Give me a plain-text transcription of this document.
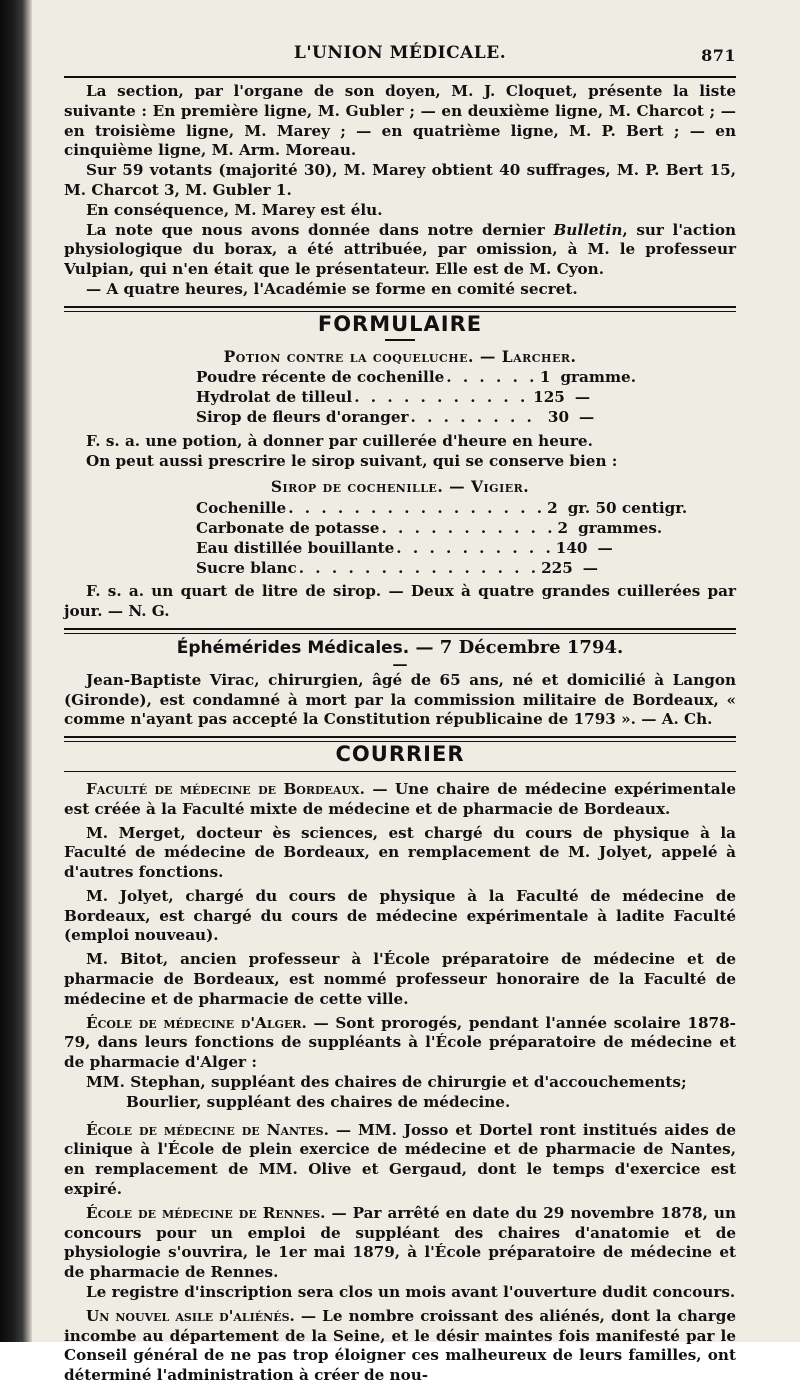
L'UNION MÉDICALE.	871

La section, par l'organe de son doyen, M. J. Cloquet, présente la liste suivante : En première ligne, M. Gubler ; — en deuxième ligne, M. Charcot ; — en troisième ligne, M. Marey ; — en quatrième ligne, M. P. Bert ; — en cinquième ligne, M. Arm. Moreau.

Sur 59 votants (majorité 30), M. Marey obtient 40 suffrages, M. P. Bert 15, M. Charcot 3, M. Gubler 1.

En conséquence, M. Marey est élu.

La note que nous avons donnée dans notre dernier Bulletin, sur l'action physiologique du borax, a été attribuée, par omission, à M. le professeur Vulpian, qui n'en était que le présentateur. Elle est de M. Cyon.

— A quatre heures, l'Académie se forme en comité secret.

FORMULAIRE
Potion contre la coqueluche. — Larcher.
Poudre récente de cochenille . . . . . . 1 gramme.
Hydrolat de tilleul . . . . . . . . . . . 125 —
Sirop de fleurs d'oranger . . . . . . . . 30 —

F. s. a. une potion, à donner par cuillerée d'heure en heure.

On peut aussi prescrire le sirop suivant, qui se conserve bien :

Sirop de cochenille. — Vigier.
Cochenille . . . . . . . . . . . . . . . . 2 gr. 50 centigr.
Carbonate de potasse . . . . . . . . . . . 2 grammes.
Eau distillée bouillante . . . . . . . . . . 140 —
Sucre blanc . . . . . . . . . . . . . . . 225 —

F. s. a. un quart de litre de sirop. — Deux à quatre grandes cuillerées par jour. — N. G.

Éphémérides Médicales. — 7 Décembre 1794.
—

Jean-Baptiste Virac, chirurgien, âgé de 65 ans, né et domicilié à Langon (Gironde), est condamné à mort par la commission militaire de Bordeaux, « comme n'ayant pas accepté la Constitution républicaine de 1793 ». — A. Ch.

COURRIER

Faculté de médecine de Bordeaux. — Une chaire de médecine expérimentale est créée à la Faculté mixte de médecine et de pharmacie de Bordeaux.

M. Merget, docteur ès sciences, est chargé du cours de physique à la Faculté de médecine de Bordeaux, en remplacement de M. Jolyet, appelé à d'autres fonctions.

M. Jolyet, chargé du cours de physique à la Faculté de médecine de Bordeaux, est chargé du cours de médecine expérimentale à ladite Faculté (emploi nouveau).

M. Bitot, ancien professeur à l'École préparatoire de médecine et de pharmacie de Bordeaux, est nommé professeur honoraire de la Faculté de médecine et de pharmacie de cette ville.

École de médecine d'Alger. — Sont prorogés, pendant l'année scolaire 1878-79, dans leurs fonctions de suppléants à l'École préparatoire de médecine et de pharmacie d'Alger :

MM. Stephan, suppléant des chaires de chirurgie et d'accouchements;

Bourlier, suppléant des chaires de médecine.

École de médecine de Nantes. — MM. Josso et Dortel ront institués aides de clinique à l'École de plein exercice de médecine et de pharmacie de Nantes, en remplacement de MM. Olive et Gergaud, dont le temps d'exercice est expiré.

École de médecine de Rennes. — Par arrêté en date du 29 novembre 1878, un concours pour un emploi de suppléant des chaires d'anatomie et de physiologie s'ouvrira, le 1er mai 1879, à l'École préparatoire de médecine et de pharmacie de Rennes.

Le registre d'inscription sera clos un mois avant l'ouverture dudit concours.

Un nouvel asile d'aliénés. — Le nombre croissant des aliénés, dont la charge incombe au département de la Seine, et le désir maintes fois manifesté par le Conseil général de ne pas trop éloigner ces malheureux de leurs familles, ont déterminé l'administration à créer de nou-
